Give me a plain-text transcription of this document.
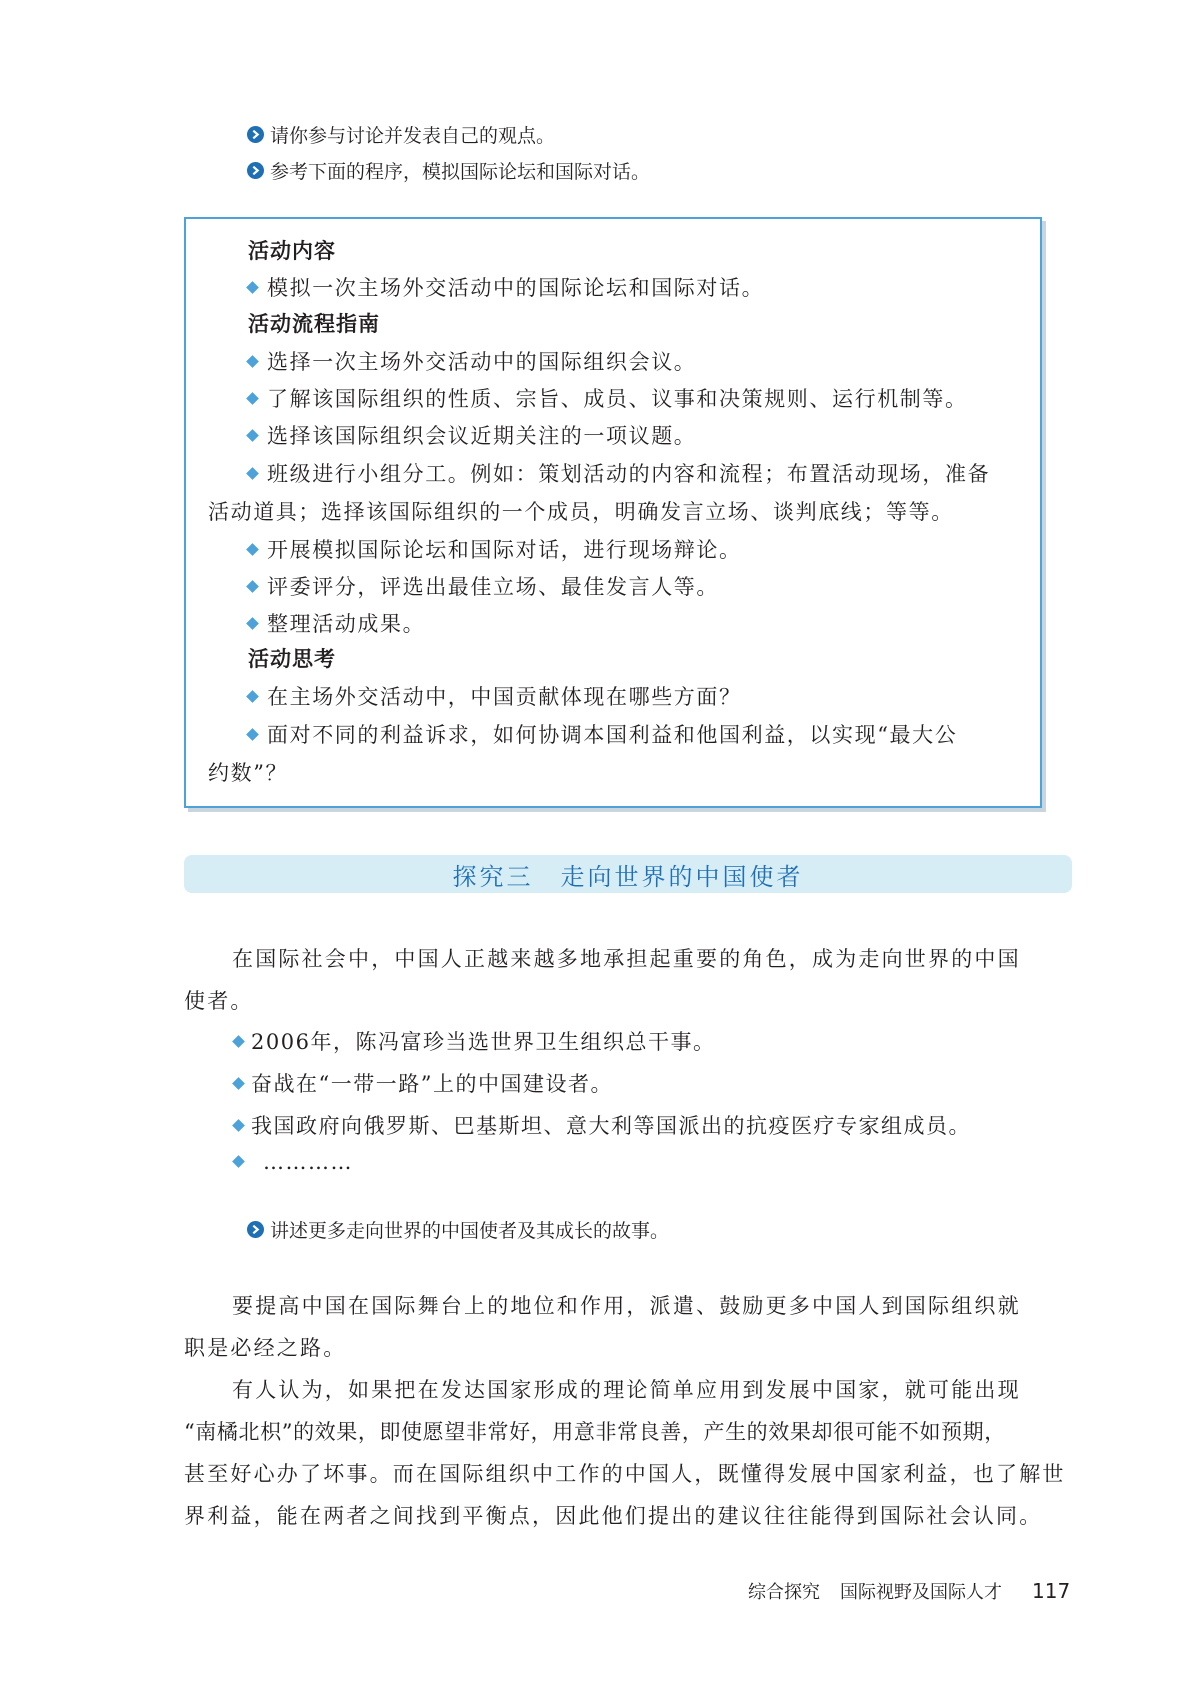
请你参与讨论并发表自己的观点。
参考下面的程序，模拟国际论坛和国际对话。
活动内容
模拟一次主场外交活动中的国际论坛和国际对话。
活动流程指南
选择一次主场外交活动中的国际组织会议。
了解该国际组织的性质、宗旨、成员、议事和决策规则、运行机制等。
选择该国际组织会议近期关注的一项议题。
班级进行小组分工。例如：策划活动的内容和流程；布置活动现场，准备
活动道具；选择该国际组织的一个成员，明确发言立场、谈判底线；等等。
开展模拟国际论坛和国际对话，进行现场辩论。
评委评分，评选出最佳立场、最佳发言人等。
整理活动成果。
活动思考
在主场外交活动中，中国贡献体现在哪些方面？
面对不同的利益诉求，如何协调本国利益和他国利益，以实现“最大公
约数”？
探究三　走向世界的中国使者
在国际社会中，中国人正越来越多地承担起重要的角色，成为走向世界的中国
使者。
2006年，陈冯富珍当选世界卫生组织总干事。
奋战在“一带一路”上的中国建设者。
我国政府向俄罗斯、巴基斯坦、意大利等国派出的抗疫医疗专家组成员。
…………
讲述更多走向世界的中国使者及其成长的故事。
要提高中国在国际舞台上的地位和作用，派遣、鼓励更多中国人到国际组织就
职是必经之路。
有人认为，如果把在发达国家形成的理论简单应用到发展中国家，就可能出现
“南橘北枳”的效果，即使愿望非常好，用意非常良善，产生的效果却很可能不如预期，
甚至好心办了坏事。而在国际组织中工作的中国人，既懂得发展中国家利益，也了解世
界利益，能在两者之间找到平衡点，因此他们提出的建议往往能得到国际社会认同。
综合探究 国际视野及国际人才 117
